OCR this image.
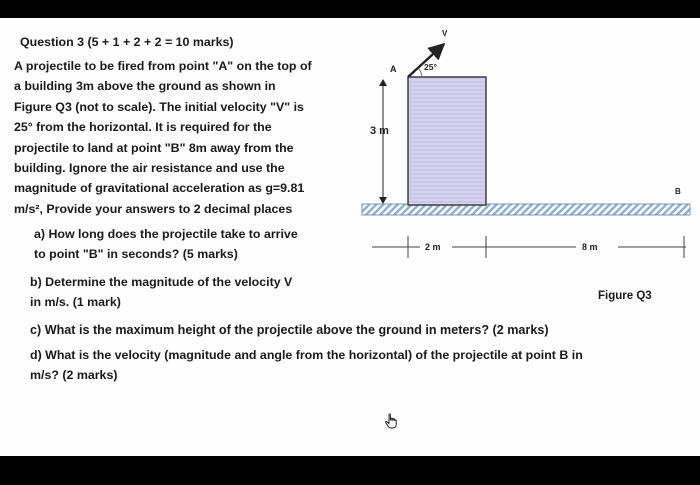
Question 3 (5 + 1 + 2 + 2 = 10 marks)
A projectile to be fired from point "A" on the top of
a building 3m above the ground as shown in
Figure Q3 (not to scale). The initial velocity "V" is
25° from the horizontal. It is required for the
projectile to land at point "B" 8m away from the
building. Ignore the air resistance and use the
magnitude of gravitational acceleration as g=9.81
m/s², Provide your answers to 2 decimal places
a) How long does the projectile take to arrive
to point "B" in seconds? (5 marks)
b) Determine the magnitude of the velocity V
in m/s. (1 mark)
c) What is the maximum height of the projectile above the ground in meters? (2 marks)
d) What is the velocity (magnitude and angle from the horizontal) of the projectile at point B in
m/s? (2 marks)
Figure Q3
3 m
A
V
25°
B
2 m	8 m
